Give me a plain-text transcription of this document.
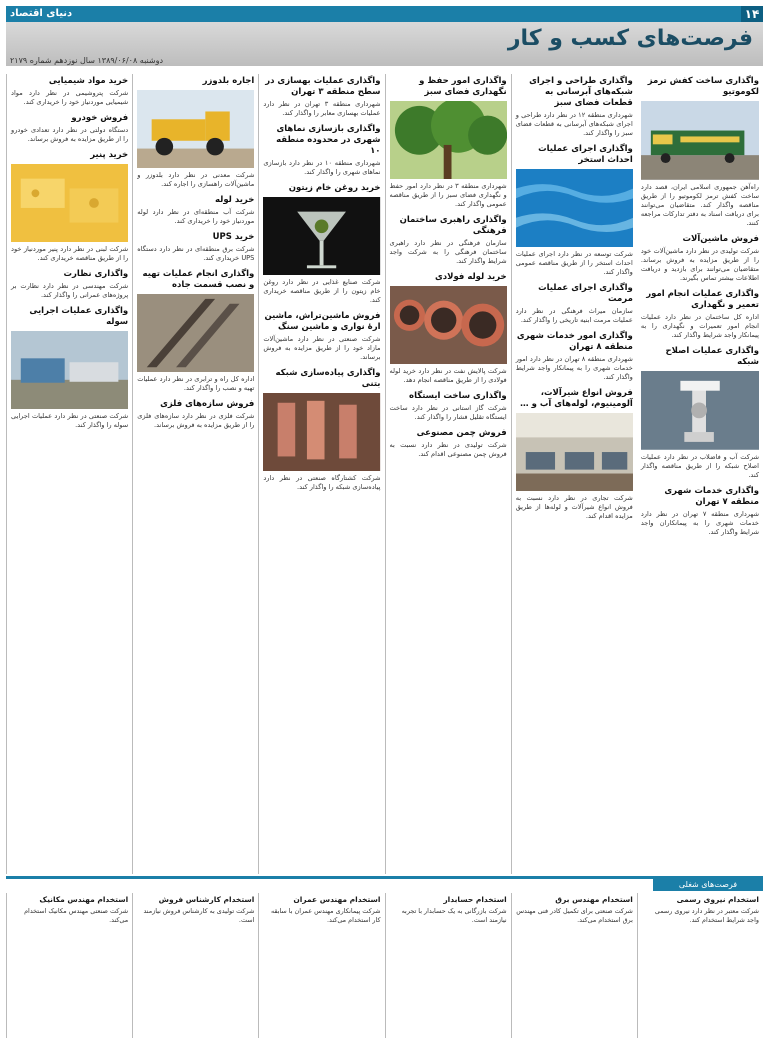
۱۴
دنیای اقتصاد
فرصت‌های کسب و کار
دوشنبه ۱۳۸۹/۰۶/۰۸ سال نوزدهم شماره ۲۱۷۹
واگذاری ساخت کفش ترمز لکوموتیو
راه‌آهن جمهوری اسلامی ایران، قصد دارد ساخت کفش ترمز لکوموتیو را از طریق مناقصه واگذار کند. متقاضیان می‌توانند برای دریافت اسناد به دفتر تدارکات مراجعه کنند.
فروش ماشین‌آلات
شرکت تولیدی در نظر دارد ماشین‌آلات خود را از طریق مزایده به فروش برساند. متقاضیان می‌توانند برای بازدید و دریافت اطلاعات بیشتر تماس بگیرند.
واگذاری عملیات انجام امور تعمیر و نگهداری
اداره کل ساختمان در نظر دارد عملیات انجام امور تعمیرات و نگهداری را به پیمانکار واجد شرایط واگذار کند.
واگذاری عملیات اصلاح شبکه
شرکت آب و فاضلاب در نظر دارد عملیات اصلاح شبکه را از طریق مناقصه واگذار کند.
واگذاری خدمات شهری منطقه ۷ تهران
شهرداری منطقه ۷ تهران در نظر دارد خدمات شهری را به پیمانکاران واجد شرایط واگذار کند.
واگذاری طراحی و اجرای شبکه‌های آبرسانی به قطعات فضای سبز
شهرداری منطقه ۱۲ در نظر دارد طراحی و اجرای شبکه‌های آبرسانی به قطعات فضای سبز را واگذار کند.
واگذاری اجرای عملیات احداث استخر
شرکت توسعه در نظر دارد اجرای عملیات احداث استخر را از طریق مناقصه عمومی واگذار کند.
واگذاری اجرای عملیات مرمت
سازمان میراث فرهنگی در نظر دارد عملیات مرمت ابنیه تاریخی را واگذار کند.
واگذاری امور خدمات شهری منطقه ۸ تهران
شهرداری منطقه ۸ تهران در نظر دارد امور خدمات شهری را به پیمانکار واجد شرایط واگذار کند.
فروش انواع شیرآلات، آلومینیوم، لوله‌های آب و …
شرکت تجاری در نظر دارد نسبت به فروش انواع شیرآلات و لوله‌ها از طریق مزایده اقدام کند.
واگذاری امور حفظ و نگهداری فضای سبز
شهرداری منطقه ۳ در نظر دارد امور حفظ و نگهداری فضای سبز را از طریق مناقصه عمومی واگذار کند.
واگذاری راهبری ساختمان فرهنگی
سازمان فرهنگی در نظر دارد راهبری ساختمان فرهنگی را به شرکت واجد شرایط واگذار کند.
خرید لوله فولادی
شرکت پالایش نفت در نظر دارد خرید لوله فولادی را از طریق مناقصه انجام دهد.
واگذاری ساخت ایستگاه
شرکت گاز استانی در نظر دارد ساخت ایستگاه تقلیل فشار را واگذار کند.
فروش چمن مصنوعی
شرکت تولیدی در نظر دارد نسبت به فروش چمن مصنوعی اقدام کند.
واگذاری عملیات بهسازی در سطح منطقه ۳ تهران
شهرداری منطقه ۳ تهران در نظر دارد عملیات بهسازی معابر را واگذار کند.
واگذاری بازسازی نماهای شهری در محدوده منطقه ۱۰
شهرداری منطقه ۱۰ در نظر دارد بازسازی نماهای شهری را واگذار کند.
خرید روغن خام زیتون
شرکت صنایع غذایی در نظر دارد روغن خام زیتون را از طریق مناقصه خریداری کند.
فروش ماشین‌تراش، ماشین ارهٔ نواری و ماشین سنگ
شرکت صنعتی در نظر دارد ماشین‌آلات مازاد خود را از طریق مزایده به فروش برساند.
واگذاری پیاده‌سازی شبکه بتنی
شرکت کشتارگاه صنعتی در نظر دارد پیاده‌سازی شبکه را واگذار کند.
اجاره بلدوزر
شرکت معدنی در نظر دارد بلدوزر و ماشین‌آلات راهسازی را اجاره کند.
خرید لوله
شرکت آب منطقه‌ای در نظر دارد لوله موردنیاز خود را خریداری کند.
خرید UPS
شرکت برق منطقه‌ای در نظر دارد دستگاه UPS خریداری کند.
واگذاری انجام عملیات تهیه و نصب قسمت جاده
اداره کل راه و ترابری در نظر دارد عملیات تهیه و نصب را واگذار کند.
فروش سازه‌های فلزی
شرکت فلزی در نظر دارد سازه‌های فلزی را از طریق مزایده به فروش برساند.
خرید مواد شیمیایی
شرکت پتروشیمی در نظر دارد مواد شیمیایی موردنیاز خود را خریداری کند.
فروش خودرو
دستگاه دولتی در نظر دارد تعدادی خودرو را از طریق مزایده به فروش برساند.
خرید پنیر
شرکت لبنی در نظر دارد پنیر موردنیاز خود را از طریق مناقصه خریداری کند.
واگذاری نظارت
شرکت مهندسی در نظر دارد نظارت بر پروژه‌های عمرانی را واگذار کند.
واگذاری عملیات اجرایی سوله
شرکت صنعتی در نظر دارد عملیات اجرایی سوله را واگذار کند.
فرصت‌های شغلی
استخدام نیروی رسمی
شرکت معتبر در نظر دارد نیروی رسمی واجد شرایط استخدام کند.
استخدام مهندس برق
شرکت صنعتی برای تکمیل کادر فنی مهندس برق استخدام می‌کند.
استخدام حسابدار
شرکت بازرگانی به یک حسابدار با تجربه نیازمند است.
استخدام مهندس عمران
شرکت پیمانکاری مهندس عمران با سابقه کار استخدام می‌کند.
استخدام کارشناس فروش
شرکت تولیدی به کارشناس فروش نیازمند است.
استخدام مهندس مکانیک
شرکت صنعتی مهندس مکانیک استخدام می‌کند.
